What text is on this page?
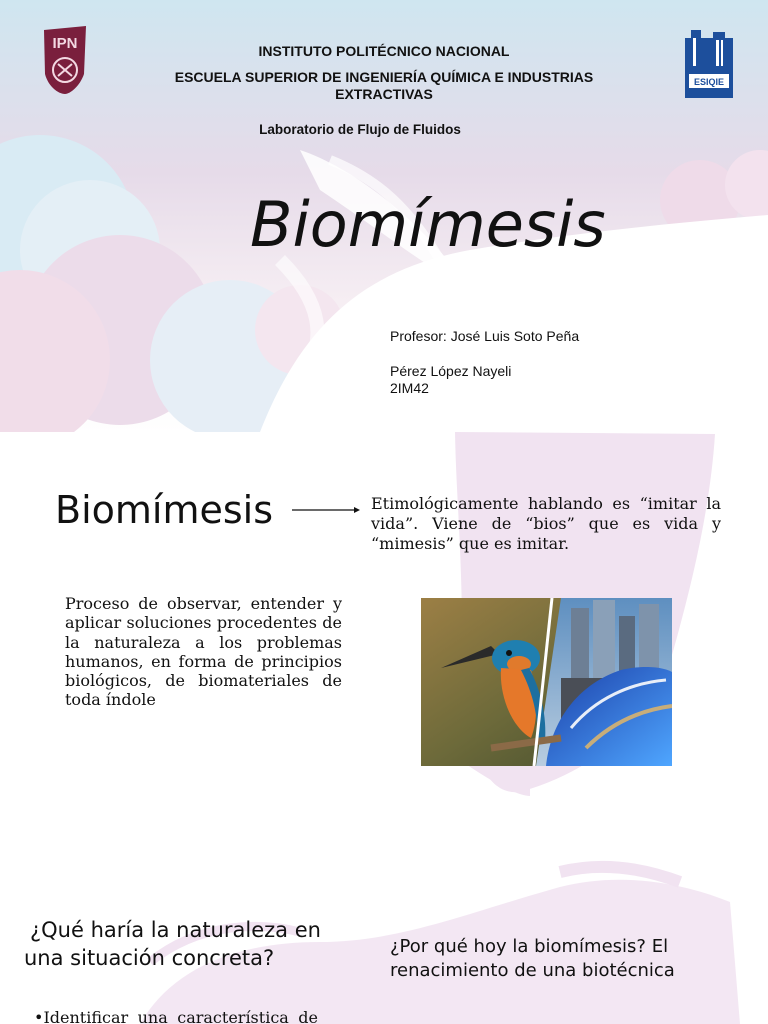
IPN
ESIQIE
INSTITUTO POLITÉCNICO NACIONAL
ESCUELA SUPERIOR DE INGENIERÍA QUÍMICA E INDUSTRIAS
EXTRACTIVAS
Laboratorio de Flujo de Fluidos
Biomímesis
Profesor: José Luis Soto Peña
Pérez López Nayeli
2IM42
Biomímesis	Etimológicamente hablando es “imitar la vida”. Viene de “bios” que es vida y “mimesis” que es imitar.
Proceso de observar, entender y aplicar soluciones procedentes de la naturaleza a los problemas humanos, en forma de principios biológicos, de biomateriales de toda índole
¿Qué haría la naturaleza en una situación concreta?	¿Por qué hoy la biomímesis? El renacimiento de una biotécnica
•Identificar una característica de
